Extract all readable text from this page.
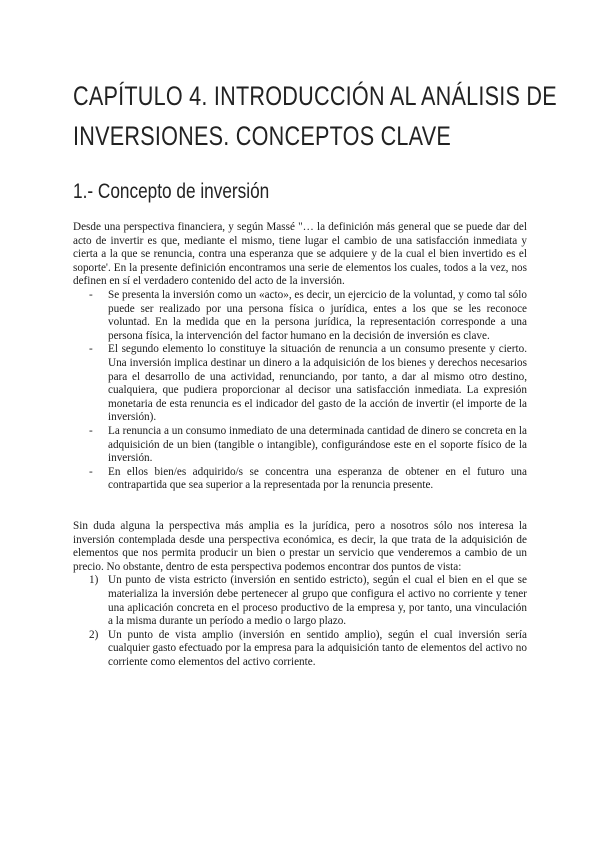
CAPÍTULO 4. INTRODUCCIÓN AL ANÁLISIS DE
INVERSIONES. CONCEPTOS CLAVE
1.- Concepto de inversión

Desde una perspectiva financiera, y según Massé "… la definición más general que se puede dar del acto de invertir es que, mediante el mismo, tiene lugar el cambio de una satisfacción inmediata y cierta a la que se renuncia, contra una esperanza que se adquiere y de la cual el bien invertido es el soporte'. En la presente definición encontramos una serie de elementos los cuales, todos a la vez, nos definen en sí el verdadero contenido del acto de la inversión.

- Se presenta la inversión como un «acto», es decir, un ejercicio de la voluntad, y como tal sólo puede ser realizado por una persona física o jurídica, entes a los que se les reconoce voluntad. En la medida que en la persona jurídica, la representación corresponde a una persona física, la intervención del factor humano en la decisión de inversión es clave.
- El segundo elemento lo constituye la situación de renuncia a un consumo presente y cierto. Una inversión implica destinar un dinero a la adquisición de los bienes y derechos necesarios para el desarrollo de una actividad, renunciando, por tanto, a dar al mismo otro destino, cualquiera, que pudiera proporcionar al decisor una satisfacción inmediata. La expresión monetaria de esta renuncia es el indicador del gasto de la acción de invertir (el importe de la inversión).
- La renuncia a un consumo inmediato de una determinada cantidad de dinero se concreta en la adquisición de un bien (tangible o intangible), configurándose este en el soporte físico de la inversión.
- En ellos bien/es adquirido/s se concentra una esperanza de obtener en el futuro una contrapartida que sea superior a la representada por la renuncia presente.

Sin duda alguna la perspectiva más amplia es la jurídica, pero a nosotros sólo nos interesa la inversión contemplada desde una perspectiva económica, es decir, la que trata de la adquisición de elementos que nos permita producir un bien o prestar un servicio que venderemos a cambio de un precio. No obstante, dentro de esta perspectiva podemos encontrar dos puntos de vista:

1) Un punto de vista estricto (inversión en sentido estricto), según el cual el bien en el que se materializa la inversión debe pertenecer al grupo que configura el activo no corriente y tener una aplicación concreta en el proceso productivo de la empresa y, por tanto, una vinculación a la misma durante un período a medio o largo plazo.
2) Un punto de vista amplio (inversión en sentido amplio), según el cual inversión sería cualquier gasto efectuado por la empresa para la adquisición tanto de elementos del activo no corriente como elementos del activo corriente.
